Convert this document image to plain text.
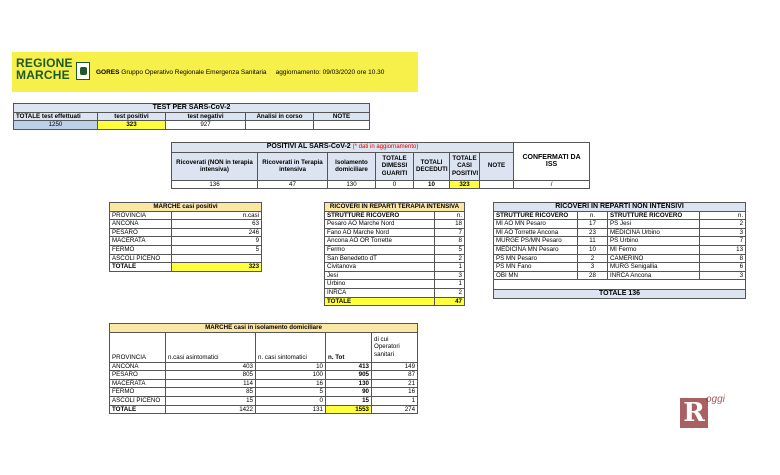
REGIONE
MARCHE	GORES Gruppo Operativo Regionale Emergenza Sanitaria aggiornamento: 09/03/2020 ore 10.30
TEST PER SARS-CoV-2				
TOTALE test effettuati	test positivi	test negativi	Analisi in corso	NOTE
1250	323	927		
POSITIVI AL SARS-CoV-2 (* dati in aggiornamento)							CONFERMATI DA ISS
Ricoverati (NON in terapia intensiva)	Ricoverati in Terapia intensiva	Isolamento domiciliare	TOTALE DIMESSI GUARITI	TOTALI DECEDUTI	TOTALE CASI POSITIVI	NOTE	
136	47	130	0	10	323		/
MARCHE casi positivi	
PROVINCIA	n.casi
ANCONA	63
PESARO	246
MACERATA	9
FERMO	5
ASCOLI PICENO	
TOTALE	323
RICOVERI IN REPARTI TERAPIA INTENSIVA	
STRUTTURE RICOVERO	n.
Pesaro AO Marche Nord	18
Fano AO Marche Nord	7
Ancona AO OR Torrette	8
Fermo	5
San Benedetto dT	2
Civitanova	1
Jesi	3
Urbino	1
INRCA	2
TOTALE	47
RICOVERI IN REPARTI NON INTENSIVI			
STRUTTURE RICOVERO	n.	STRUTTURE RICOVERO	n.
MI AO MN Pesaro	17	PS Jesi	2
MI AO Torrette Ancona	23	MEDICINA Urbino	3
MURGE PS/MN Pesaro	11	PS Urbino	7
MEDICINA MN Pesaro	10	MI Fermo	13
PS MN Pesaro	2	CAMERINO	8
PS MN Fano	3	MURG Senigallia	6
OBI MN	28	INRCA Ancona	3

TOTALE 136			
MARCHE casi in isolamento domiciliare				
PROVINCIA	n.casi asintomatici	n. casi sintomatici	n. Tot	di cui Operatori sanitari
ANCONA	403	10	413	149
PESARO	805	100	905	87
MACERATA	114	16	130	21
FERMO	85	5	90	16
ASCOLI PICENO	15	0	15	1
TOTALE	1422	131	1553	274	R oggi
